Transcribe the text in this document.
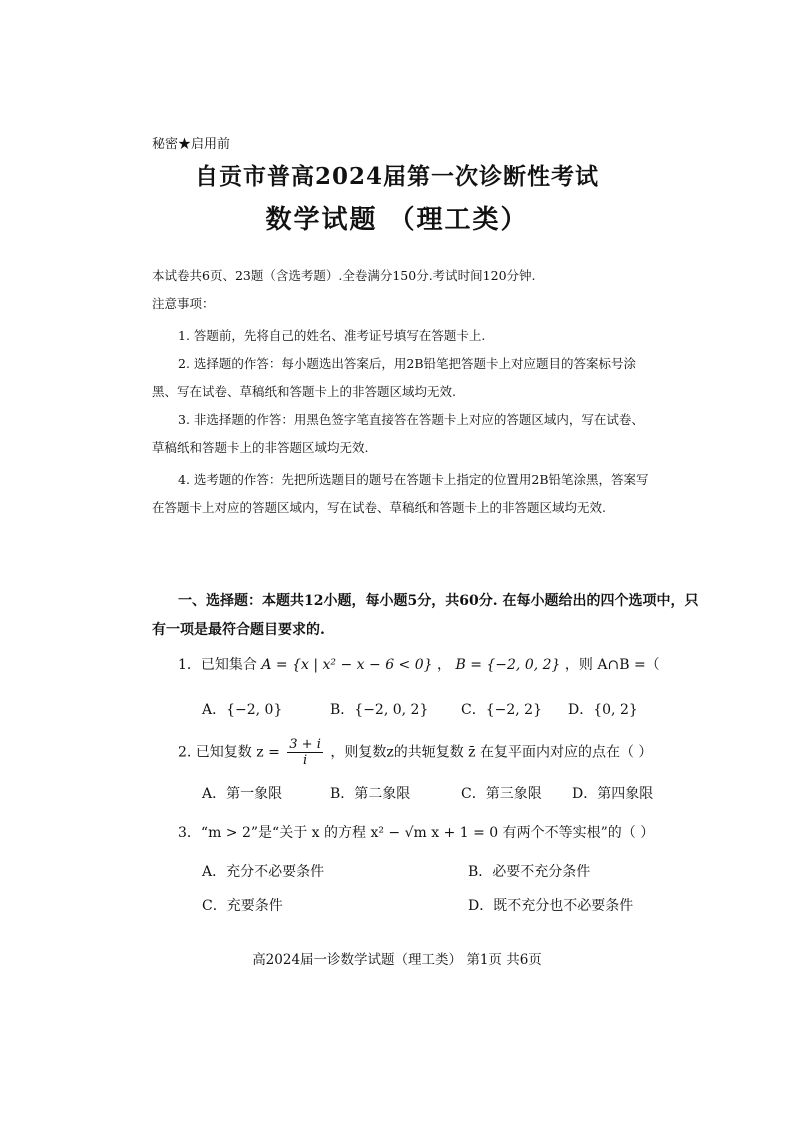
秘密★启用前
自贡市普高2024届第一次诊断性考试
数学试题 （理工类）
本试卷共6页、23题（含选考题）.全卷满分150分.考试时间120分钟.
注意事项：
1. 答题前，先将自己的姓名、准考证号填写在答题卡上.
2. 选择题的作答：每小题选出答案后，用2B铅笔把答题卡上对应题目的答案标号涂
黑、写在试卷、草稿纸和答题卡上的非答题区域均无效.
3. 非选择题的作答：用黑色签字笔直接答在答题卡上对应的答题区域内，写在试卷、
草稿纸和答题卡上的非答题区域均无效.
4. 选考题的作答：先把所选题目的题号在答题卡上指定的位置用2B铅笔涂黑，答案写
在答题卡上对应的答题区域内，写在试卷、草稿纸和答题卡上的非答题区域均无效.
一、选择题：本题共12小题，每小题5分，共60分. 在每小题给出的四个选项中，只
有一项是最符合题目要求的.
1．已知集合 A = {x | x² − x − 6 < 0} ， B = {−2, 0, 2} ，则 A∩B =（
A．{−2, 0}	B．{−2, 0, 2} C．{−2, 2} D．{0, 2}
2. 已知复数 $z = \frac{3 + i}{i}$ ，则复数z的共轭复数 z̄ 在复平面内对应的点在（ ）
A．第一象限	B．第二象限	C．第三象限 D．第四象限
3．“m > 2”是“关于 x 的方程 x² − √m x + 1 = 0 有两个不等实根”的（ ）
A．充分不必要条件	B．必要不充分条件
C．充要条件	D．既不充分也不必要条件
高2024届一诊数学试题（理工类） 第1页 共6页
